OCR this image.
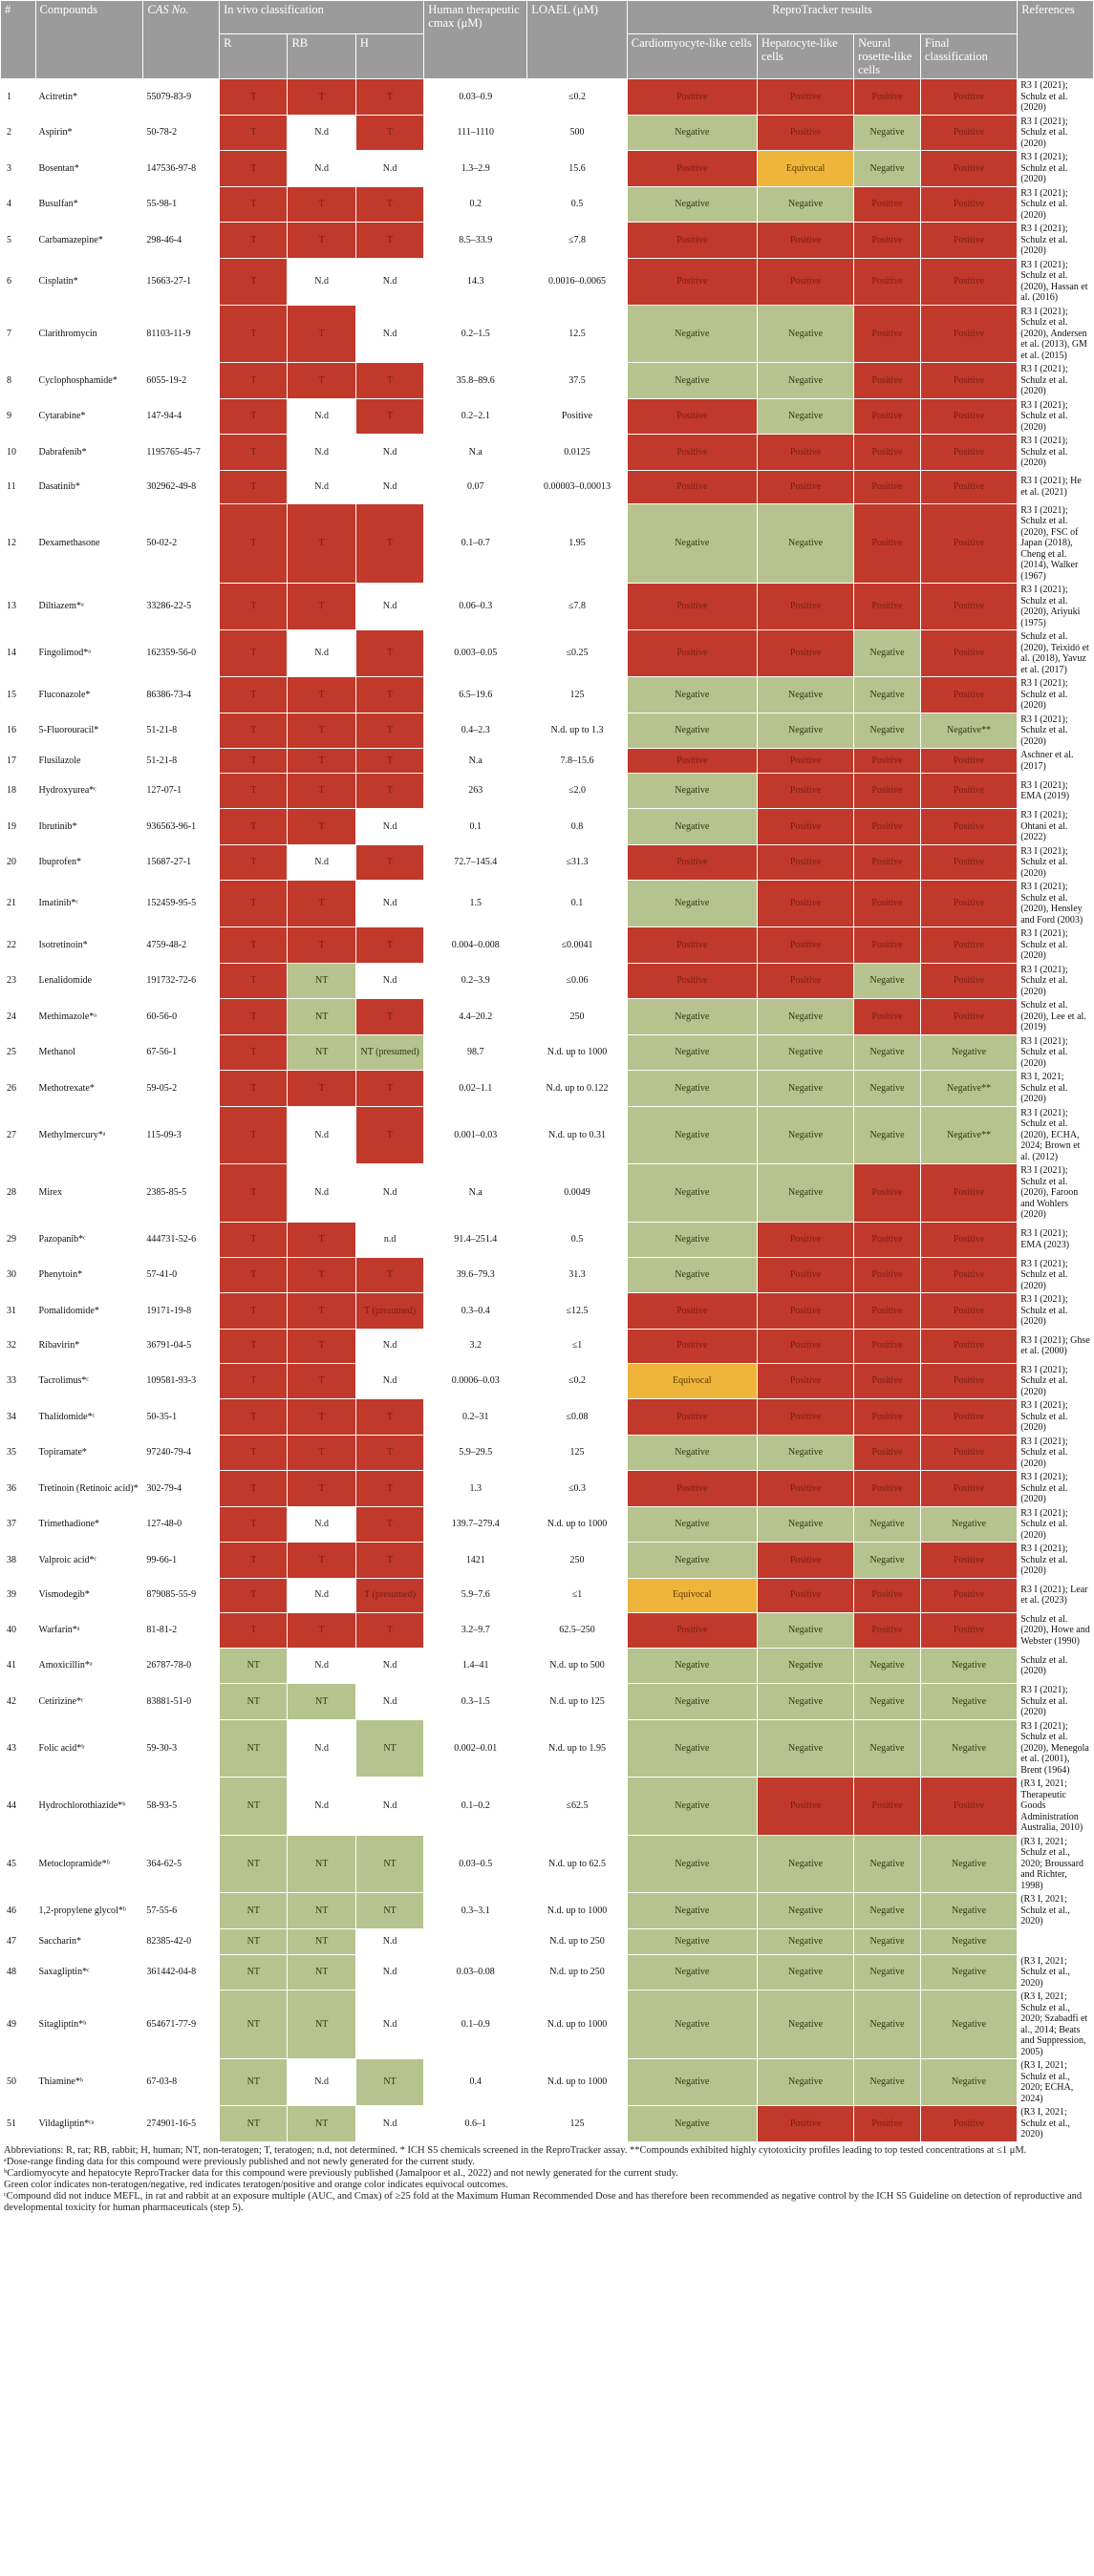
#	Compounds	CAS No.	In vivo classification			Human therapeutic cmax (μM)	LOAEL (μM)	ReproTracker results				References
			R	RB	H			Cardiomyocyte-like cells	Hepatocyte-like cells	Neural rosette-like cells	Final classification	
1	Acitretin*	55079-83-9	T	T	T	0.03–0.9	≤0.2	Positive	Positive	Positive	Positive	R3 I (2021); Schulz et al. (2020)
2	Aspirin*	50-78-2	T	N.d	T	111–1110	500	Negative	Positive	Negative	Positive	R3 I (2021); Schulz et al. (2020)
3	Bosentan*	147536-97-8	T	N.d	N.d	1.3–2.9	15.6	Positive	Equivocal	Negative	Positive	R3 I (2021); Schulz et al. (2020)
4	Busulfan*	55-98-1	T	T	T	0.2	0.5	Negative	Negative	Positive	Positive	R3 I (2021); Schulz et al. (2020)
5	Carbamazepine*	298-46-4	T	T	T	8.5–33.9	≤7.8	Positive	Positive	Positive	Positive	R3 I (2021); Schulz et al. (2020)
6	Cisplatin*	15663-27-1	T	N.d	N.d	14.3	0.0016–0.0065	Positive	Positive	Positive	Positive	R3 I (2021); Schulz et al. (2020), Hassan et al. (2016)
7	Clarithromycin	81103-11-9	T	T	N.d	0.2–1.5	12.5	Negative	Negative	Positive	Positive	R3 I (2021); Schulz et al. (2020), Andersen et al. (2013), GM et al. (2015)
8	Cyclophosphamide*	6055-19-2	T	T	T	35.8–89.6	37.5	Negative	Negative	Positive	Positive	R3 I (2021); Schulz et al. (2020)
9	Cytarabine*	147-94-4	T	N.d	T	0.2–2.1	Positive	Positive	Negative	Positive	Positive	R3 I (2021); Schulz et al. (2020)
10	Dabrafenib*	1195765-45-7	T	N.d	N.d	N.a	0.0125	Positive	Positive	Positive	Positive	R3 I (2021); Schulz et al. (2020)
11	Dasatinib*	302962-49-8	T	N.d	N.d	0.07	0.00003–0.00013	Positive	Positive	Positive	Positive	R3 I (2021); He et al. (2021)
12	Dexamethasone	50-02-2	T	T	T	0.1–0.7	1.95	Negative	Negative	Positive	Positive	R3 I (2021); Schulz et al. (2020), FSC of Japan (2018), Cheng et al. (2014), Walker (1967)
13	Diltiazem*ᵃ	33286-22-5	T	T	N.d	0.06–0.3	≤7.8	Positive	Positive	Positive	Positive	R3 I (2021); Schulz et al. (2020), Ariyuki (1975)
14	Fingolimod*ᵃ	162359-56-0	T	N.d	T	0.003–0.05	≤0.25	Positive	Positive	Negative	Positive	Schulz et al. (2020), Teixidó et al. (2018), Yavuz et al. (2017)
15	Fluconazole*	86386-73-4	T	T	T	6.5–19.6	125	Negative	Negative	Negative	Positive	R3 I (2021); Schulz et al. (2020)
16	5-Fluorouracil*	51-21-8	T	T	T	0.4–2.3	N.d. up to 1.3	Negative	Negative	Negative	Negative**	R3 I (2021); Schulz et al. (2020)
17	Flusilazole	51-21-8	T	T	T	N.a	7.8–15.6	Positive	Positive	Positive	Positive	Aschner et al. (2017)
18	Hydroxyurea*ᶜ	127-07-1	T	T	T	263	≤2.0	Negative	Positive	Positive	Positive	R3 I (2021); EMA (2019)
19	Ibrutinib*	936563-96-1	T	T	N.d	0.1	0.8	Negative	Positive	Positive	Positive	R3 I (2021); Ohtani et al. (2022)
20	Ibuprofen*	15687-27-1	T	N.d	T	72.7–145.4	≤31.3	Positive	Positive	Positive	Positive	R3 I (2021); Schulz et al. (2020)
21	Imatinib*ᶜ	152459-95-5	T	T	N.d	1.5	0.1	Negative	Positive	Positive	Positive	R3 I (2021); Schulz et al. (2020), Hensley and Ford (2003)
22	Isotretinoin*	4759-48-2	T	T	T	0.004–0.008	≤0.0041	Positive	Positive	Positive	Positive	R3 I (2021); Schulz et al. (2020)
23	Lenalidomide	191732-72-6	T	NT	N.d	0.2–3.9	≤0.06	Positive	Positive	Negative	Positive	R3 I (2021); Schulz et al. (2020)
24	Methimazole*ᵃ	60-56-0	T	NT	T	4.4–20.2	250	Negative	Negative	Positive	Positive	Schulz et al. (2020), Lee et al. (2019)
25	Methanol	67-56-1	T	NT	NT (presumed)	98.7	N.d. up to 1000	Negative	Negative	Negative	Negative	R3 I (2021); Schulz et al. (2020)
26	Methotrexate*	59-05-2	T	T	T	0.02–1.1	N.d. up to 0.122	Negative	Negative	Negative	Negative**	R3 I, 2021; Schulz et al. (2020)
27	Methylmercury*ᵃ	115-09-3	T	N.d	T	0.001–0.03	N.d. up to 0.31	Negative	Negative	Negative	Negative**	R3 I (2021); Schulz et al. (2020), ECHA, 2024; Brown et al. (2012)
28	Mirex	2385-85-5	T	N.d	N.d	N.a	0.0049	Negative	Negative	Positive	Positive	R3 I (2021); Schulz et al. (2020), Faroon and Wohlers (2020)
29	Pazopanib*ᶜ	444731-52-6	T	T	n.d	91.4–251.4	0.5	Negative	Positive	Positive	Positive	R3 I (2021); EMA (2023)
30	Phenytoin*	57-41-0	T	T	T	39.6–79.3	31.3	Negative	Positive	Positive	Positive	R3 I (2021); Schulz et al. (2020)
31	Pomalidomide*	19171-19-8	T	T	T (presumed)	0.3–0.4	≤12.5	Positive	Positive	Positive	Positive	R3 I (2021); Schulz et al. (2020)
32	Ribavirin*	36791-04-5	T	T	N.d	3.2	≤1	Positive	Positive	Positive	Positive	R3 I (2021); Ghse et al. (2000)
33	Tacrolimus*ᶜ	109581-93-3	T	T	N.d	0.0006–0.03	≤0.2	Equivocal	Positive	Positive	Positive	R3 I (2021); Schulz et al. (2020)
34	Thalidomide*ᶜ	50-35-1	T	T	T	0.2–31	≤0.08	Positive	Positive	Positive	Positive	R3 I (2021); Schulz et al. (2020)
35	Topiramate*	97240-79-4	T	T	T	5.9–29.5	125	Negative	Negative	Positive	Positive	R3 I (2021); Schulz et al. (2020)
36	Tretinoin (Retinoic acid)*	302-79-4	T	T	T	1.3	≤0.3	Positive	Positive	Positive	Positive	R3 I (2021); Schulz et al. (2020)
37	Trimethadione*	127-48-0	T	N.d	T	139.7–279.4	N.d. up to 1000	Negative	Negative	Negative	Negative	R3 I (2021); Schulz et al. (2020)
38	Valproic acid*ᶜ	99-66-1	T	T	T	1421	250	Negative	Positive	Negative	Positive	R3 I (2021); Schulz et al. (2020)
39	Vismodegib*	879085-55-9	T	N.d	T (presumed)	5.9–7.6	≤1	Equivocal	Positive	Positive	Positive	R3 I (2021); Lear et al. (2023)
40	Warfarin*ᵃ	81-81-2	T	T	T	3.2–9.7	62.5–250	Positive	Negative	Positive	Positive	Schulz et al. (2020), Howe and Webster (1990)
41	Amoxicillin*ᵃ	26787-78-0	NT	N.d	N.d	1.4–41	N.d. up to 500	Negative	Negative	Negative	Negative	Schulz et al. (2020)
42	Cetirizine*ᶜ	83881-51-0	NT	NT	N.d	0.3–1.5	N.d. up to 125	Negative	Negative	Negative	Negative	R3 I (2021); Schulz et al. (2020)
43	Folic acid*ᵇ	59-30-3	NT	N.d	NT	0.002–0.01	N.d. up to 1.95	Negative	Negative	Negative	Negative	R3 I (2021); Schulz et al. (2020), Menegola et al. (2001), Brent (1964)
44	Hydrochlorothiazide*ᵇ	58-93-5	NT	N.d	N.d	0.1–0.2	≤62.5	Negative	Positive	Positive	Positive	(R3 I, 2021; Therapeutic Goods Administration Australia, 2010)
45	Metoclopramide*ᵇ	364-62-5	NT	NT	NT	0.03–0.5	N.d. up to 62.5	Negative	Negative	Negative	Negative	(R3 I, 2021; Schulz et al., 2020; Broussard and Richter, 1998)
46	1,2-propylene glycol*ᵇ	57-55-6	NT	NT	NT	0.3–3.1	N.d. up to 1000	Negative	Negative	Negative	Negative	(R3 I, 2021; Schulz et al., 2020)
47	Saccharin*	82385-42-0	NT	NT	N.d		N.d. up to 250	Negative	Negative	Negative	Negative	
48	Saxagliptin*ᶜ	361442-04-8	NT	NT	N.d	0.03–0.08	N.d. up to 250	Negative	Negative	Negative	Negative	(R3 I, 2021; Schulz et al., 2020)
49	Sitagliptin*ᵇ	654671-77-9	NT	NT	N.d	0.1–0.9	N.d. up to 1000	Negative	Negative	Negative	Negative	(R3 I, 2021; Schulz et al., 2020; Szabadfi et al., 2014; Beats and Suppression, 2005)
50	Thiamine*ᵇ	67-03-8	NT	N.d	NT	0.4	N.d. up to 1000	Negative	Negative	Negative	Negative	(R3 I, 2021; Schulz et al., 2020; ECHA, 2024)
51	Vildagliptin*ᶜᵃ	274901-16-5	NT	NT	N.d	0.6–1	125	Negative	Positive	Positive	Positive	(R3 I, 2021; Schulz et al., 2020)

Abbreviations: R, rat; RB, rabbit; H, human; NT, non-teratogen; T, teratogen; n.d, not determined. * ICH S5 chemicals screened in the ReproTracker assay. **Compounds exhibited highly cytotoxicity profiles leading to top tested concentrations at ≤1 μM.

ᵃDose-range finding data for this compound were previously published and not newly generated for the current study.

ᵇCardiomyocyte and hepatocyte ReproTracker data for this compound were previously published (Jamalpoor et al., 2022) and not newly generated for the current study.

Green color indicates non-teratogen/negative, red indicates teratogen/positive and orange color indicates equivocal outcomes.

ᶜCompound did not induce MEFL, in rat and rabbit at an exposure multiple (AUC, and Cmax) of ≥25 fold at the Maximum Human Recommended Dose and has therefore been recommended as negative control by the ICH S5 Guideline on detection of reproductive and developmental toxicity for human pharmaceuticals (step 5).
